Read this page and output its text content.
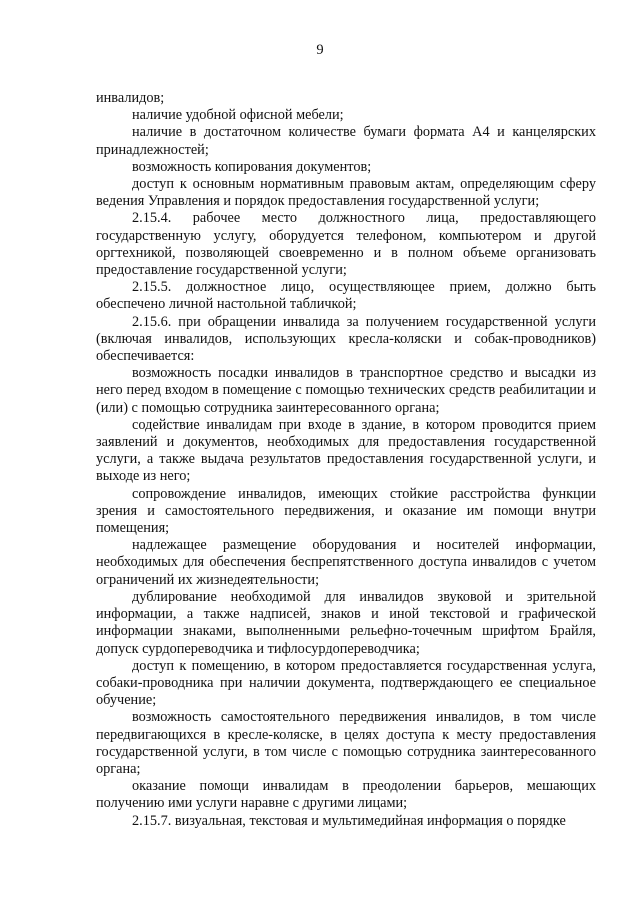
9

инвалидов;

наличие удобной офисной мебели;

наличие в достаточном количестве бумаги формата А4 и канцелярских принадлежностей;

возможность копирования документов;

доступ к основным нормативным правовым актам, определяющим сферу ведения Управления и порядок предоставления государственной услуги;

2.15.4. рабочее место должностного лица, предоставляющего государственную услугу, оборудуется телефоном, компьютером и другой оргтехникой, позволяющей своевременно и в полном объеме организовать предоставление государственной услуги;

2.15.5. должностное лицо, осуществляющее прием, должно быть обеспечено личной настольной табличкой;

2.15.6. при обращении инвалида за получением государственной услуги (включая инвалидов, использующих кресла-коляски и собак-проводников) обеспечивается:

возможность посадки инвалидов в транспортное средство и высадки из него перед входом в помещение с помощью технических средств реабилитации и (или) с помощью сотрудника заинтересованного органа;

содействие инвалидам при входе в здание, в котором проводится прием заявлений и документов, необходимых для предоставления государственной услуги, а также выдача результатов предоставления государственной услуги, и выходе из него;

сопровождение инвалидов, имеющих стойкие расстройства функции зрения и самостоятельного передвижения, и оказание им помощи внутри помещения;

надлежащее размещение оборудования и носителей информации, необходимых для обеспечения беспрепятственного доступа инвалидов с учетом ограничений их жизнедеятельности;

дублирование необходимой для инвалидов звуковой и зрительной информации, а также надписей, знаков и иной текстовой и графической информации знаками, выполненными рельефно-точечным шрифтом Брайля, допуск сурдопереводчика и тифлосурдопереводчика;

доступ к помещению, в котором предоставляется государственная услуга, собаки-проводника при наличии документа, подтверждающего ее специальное обучение;

возможность самостоятельного передвижения инвалидов, в том числе передвигающихся в кресле-коляске, в целях доступа к месту предоставления государственной услуги, в том числе с помощью сотрудника заинтересованного органа;

оказание помощи инвалидам в преодолении барьеров, мешающих получению ими услуги наравне с другими лицами;

2.15.7. визуальная, текстовая и мультимедийная информация о порядке
